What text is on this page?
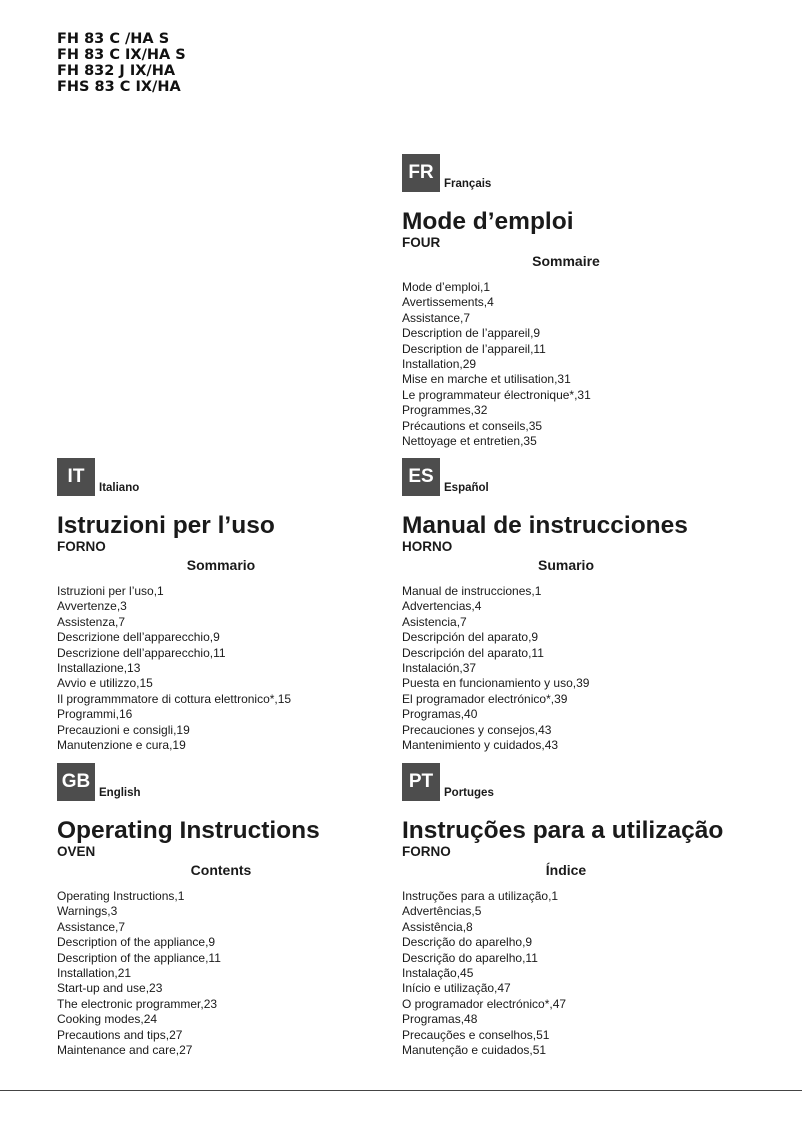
FH 83 C /HA S
FH 83 C IX/HA S
FH 832 J IX/HA
FHS 83 C IX/HA
FR
Français
Mode d’emploi
FOUR
Sommaire
Mode d’emploi,1
Avertissements,4
Assistance,7
Description de l’appareil,9
Description de l’appareil,11
Installation,29
Mise en marche et utilisation,31
Le programmateur électronique*,31
Programmes,32
Précautions et conseils,35
Nettoyage et entretien,35
IT
Italiano
Istruzioni per l’uso
FORNO
Sommario
Istruzioni per l’uso,1
Avvertenze,3
Assistenza,7
Descrizione dell’apparecchio,9
Descrizione dell’apparecchio,11
Installazione,13
Avvio e utilizzo,15
Il programmmatore di cottura elettronico*,15
Programmi,16
Precauzioni e consigli,19
Manutenzione e cura,19
ES
Español
Manual de instrucciones
HORNO
Sumario
Manual de instrucciones,1
Advertencias,4
Asistencia,7
Descripción del aparato,9
Descripción del aparato,11
Instalación,37
Puesta en funcionamiento y uso,39
El programador electrónico*,39
Programas,40
Precauciones y consejos,43
Mantenimiento y cuidados,43
GB
English
Operating Instructions
OVEN
Contents
Operating Instructions,1
Warnings,3
Assistance,7
Description of the appliance,9
Description of the appliance,11
Installation,21
Start-up and use,23
The electronic programmer,23
Cooking modes,24
Precautions and tips,27
Maintenance and care,27
PT
Portuges
Instruções para a utilização
FORNO
Índice
Instruções para a utilização,1
Advertências,5
Assistência,8
Descrição do aparelho,9
Descrição do aparelho,11
Instalação,45
Início e utilização,47
O programador electrónico*,47
Programas,48
Precauções e conselhos,51
Manutenção e cuidados,51
